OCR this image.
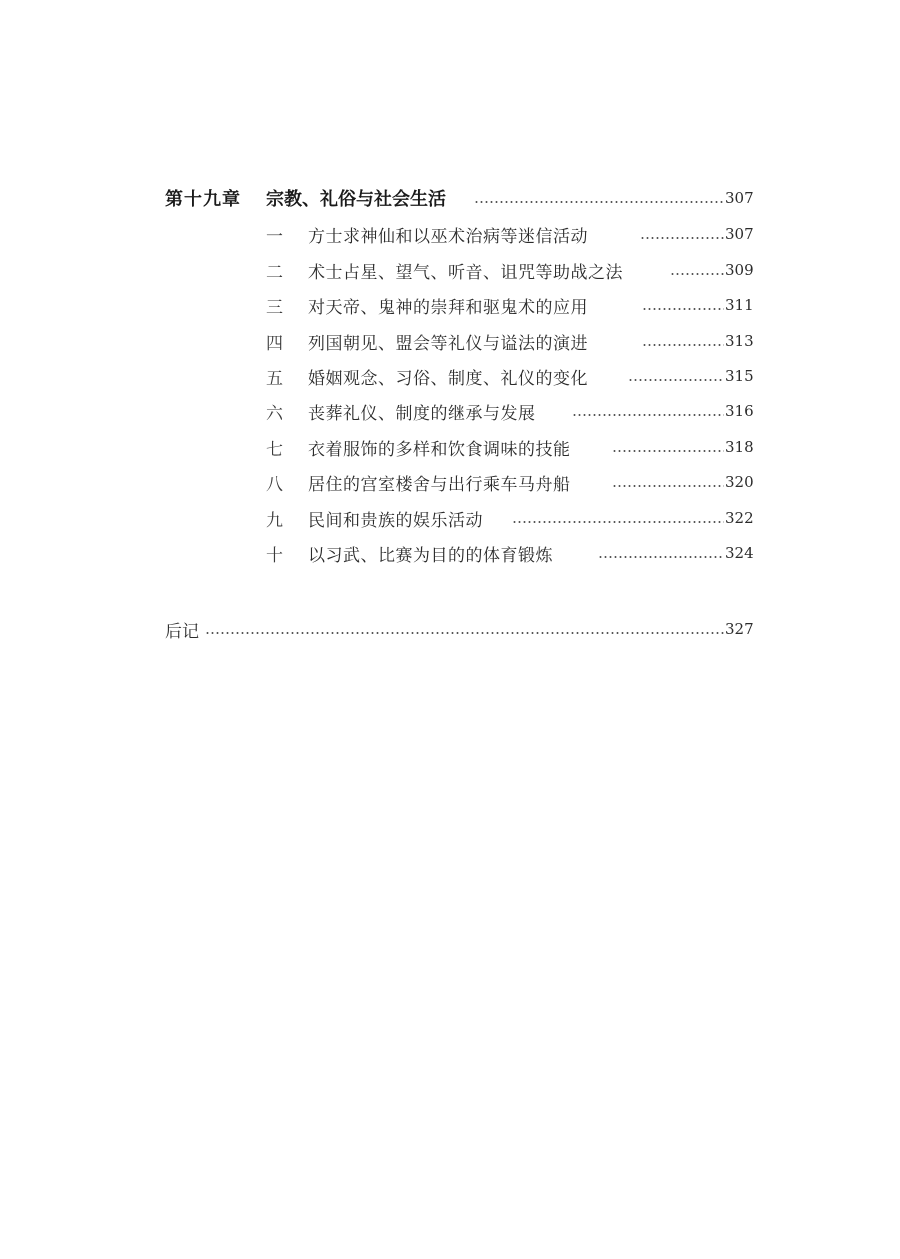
第十九章 宗教、礼俗与社会生活	307
一 方士求神仙和以巫术治病等迷信活动	307
二 术士占星、望气、听音、诅咒等助战之法	309
三 对天帝、鬼神的崇拜和驱鬼术的应用	311
四 列国朝见、盟会等礼仪与谥法的演进	313
五 婚姻观念、习俗、制度、礼仪的变化	315
六 丧葬礼仪、制度的继承与发展	316
七 衣着服饰的多样和饮食调味的技能	318
八 居住的宫室楼舍与出行乘车马舟船	320
九 民间和贵族的娱乐活动	322
十 以习武、比赛为目的的体育锻炼	324
后记	327
